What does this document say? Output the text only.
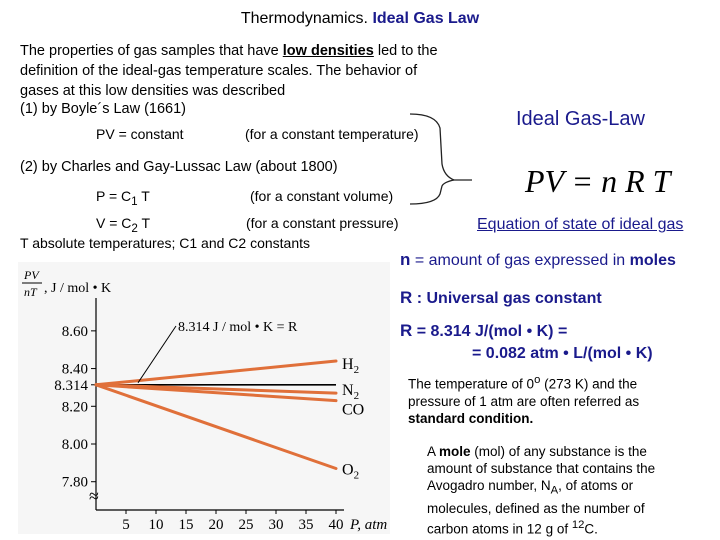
Thermodynamics. Ideal Gas Law
The properties of gas samples that have low densities led to the
definition of the ideal-gas temperature scales. The behavior of
gases at this low densities was described
(1) by Boyle´s Law (1661)
PV = constant	(for a constant temperature)
(2) by Charles and Gay-Lussac Law (about 1800)
$P = C_1$ T	(for a constant volume)
$V = C_2$ T	(for a constant pressure)
T absolute temperatures; C1 and C2 constants
Ideal Gas-Law
PV = n R T
Equation of state of ideal gas
n = amount of gas expressed in moles
R : Universal gas constant
R = 8.314 J/(mol • K) =
= 0.082 atm • L/(mol • K)
The temperature of 0$^o$ (273 K) and the
pressure of 1 atm are often referred as
standard condition.
A mole (mol) of any substance is the
amount of substance that contains the
Avogadro number, $N_A$, of atoms or
molecules, defined as the number of
carbon atoms in 12 g of $^{12}$C.
PV
nT , J / mol • K
8.60
8.40
8.314
8.20
8.00
7.80
≈
5 10 15 20 25 30 35 40 P, atm
$H_2$
$N_2$
CO
$O_2$
8.314 J / mol • K = R
